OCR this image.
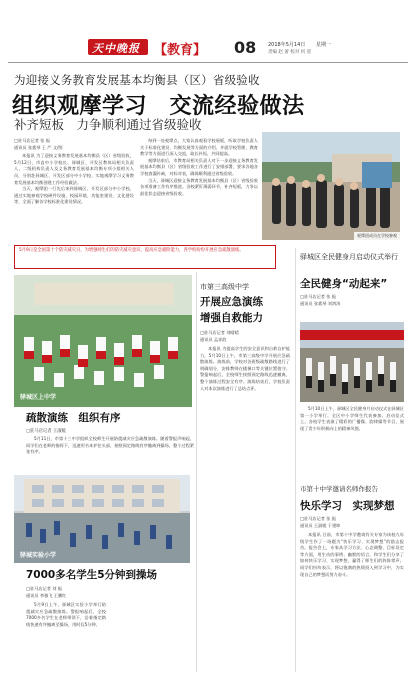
天中晚报 【教育】 08 2018年5月14日 星期一
责编 赵 蕾 校对 何 迎
为迎接义务教育发展基本均衡县（区）省级验收
组织观摩学习　交流经验做法
补齐短板　力争顺利通过省级验收
□驻马店记者 张 振
通讯员 张谯琴 王 严 文/图
本报讯 为了迎接义务教育发展基本均衡县（区）省级验收，5月12日，市直中小学校长、驿城区、开发区教体局相关负责人，二级机构负责人及义务教育发展基本均衡专项小组相关人员，分别赴驿城区、开发区部分中小学校，实地观摩学习义务教育发展基本均衡创建工作经验做法。
当天，观摩团一行先后来到驿城区、开发区部分中小学校，通过实地参观学校硬件设施、校园环境、功能室建设、文化建设等，全面了解各学校标准化建设情况。
每到一处观摩点，大家认真观看学校展板，听取学校负责人关于标准化建设、均衡发展等方面的介绍，并就学校管理、教育教学等方面进行深入交流，取长补短，共同提高。
观摩结束后，市教育局相关负责人对下一步迎接义务教育发展基本均衡县（区）省级验收工作进行了安排部署，要求各地各学校查漏补缺，对标对表，确保顺利通过省级验收。
当天，驿城区迎接义务教育发展基本均衡县（区）省级验收各项准备工作有序推进。各校紧盯薄弱环节，补齐短板，力争以最佳状态迎接省级验收。
观摩团成员在学校参观
5月9日是全国第十个防灾减灾日，为增强师生们的防灾减灾意识，提高应急避险能力，各学校纷纷开展应急疏散演练。
驿城区上中学
疏散演练　组织有序
□驻马店记者 王淑媛
5月11日，市第十三中学组织全校师生开展防震减灾应急疏散演练。随着警报声响起，同学们在老师的指挥下，迅速用书本护住头部，按照预定路线有序撤离到操场，整个过程紧张有序。
驿城实验小学
7000多名学生5分钟到操场
□驻马店记者 刘 振
通讯员 李雅飞 王鹏红
5月9日上午，驿城区实验小学举行防震减灾应急疏散演练。警报响起后，全校7000多名学生在老师带领下，沿着指定路线快速有序撤离至操场，用时仅5分钟。
市第三高级中学
开展应急演练
增强自救能力
□驻马店记者 刘晴晴
通讯员 孟祥韵
本报讯 为提高学生的安全意识和自救自护能力，5月10日上午，市第三高级中学开展应急疏散演练。演练前，学校对各班级疏散路线进行了明确划分，安排教师在楼梯口等关键位置值守。警报响起后，全校师生按照预定路线迅速撤离，整个演练过程安全有序。演练结束后，学校负责人对本次演练进行了总结点评。
驿城区全民健身月启动仪式举行
全民健身“动起来”
□驻马店记者 张 振
通讯员 张谯琴 刘鸿涛
5月10日上午，驿城区全民健身月启动仪式在驿城区第一小学举行，全区中小学师生代表参加。启动仪式上，各校学生表演了精彩的广播操、韵律操等节目，展现了青少年积极向上的精神风貌。
市第十中学邀请名师作报告
快乐学习　实现梦想
□驻马店记者 张 振
通讯员 王淑媛 于建坤
本报讯 日前，市第十中学邀请有关专家为该校九年级学生作了一场题为“快乐学习、实现梦想”的励志报告。报告会上，专家从学习方法、心态调整、目标设定等方面，用生动的事例、幽默的语言，和学生们分享了如何快乐学习、实现梦想，赢得了师生们的阵阵掌声。同学们纷纷表示，将以饱满的热情投入到学习中，为实现自己的梦想而努力奋斗。
